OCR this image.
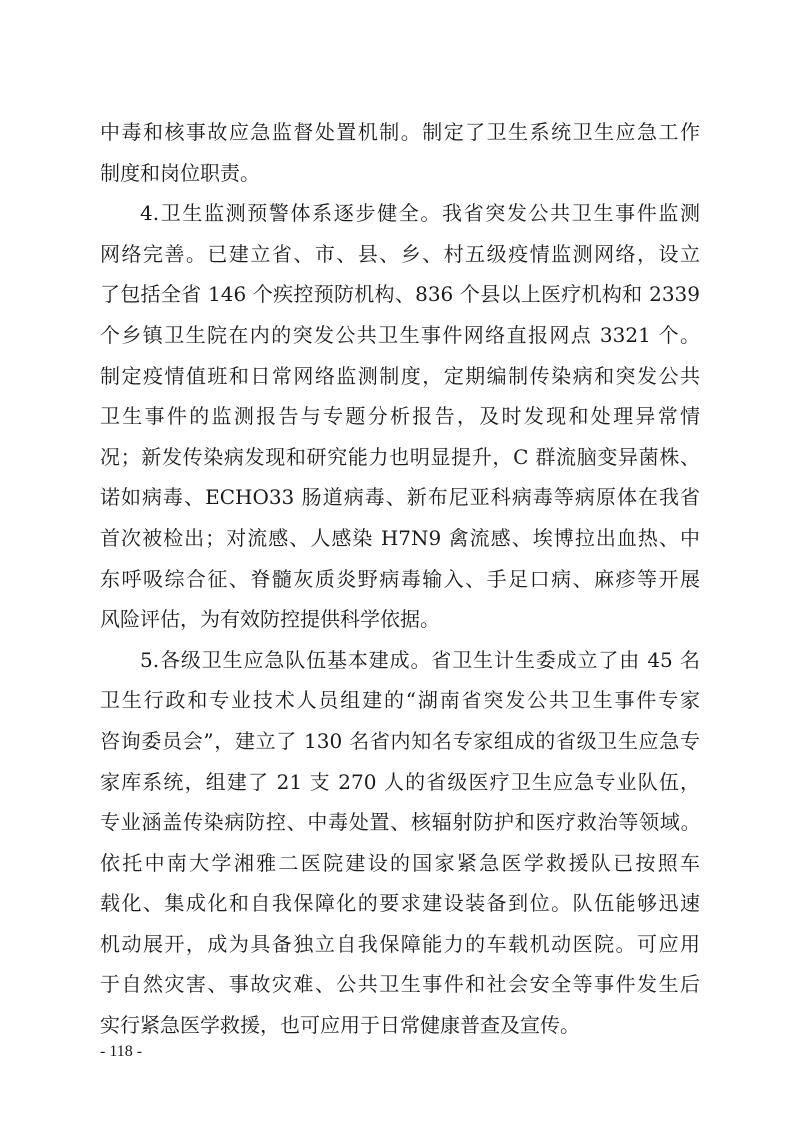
中毒和核事故应急监督处置机制。制定了卫生系统卫生应急工作
制度和岗位职责。
4.卫生监测预警体系逐步健全。我省突发公共卫生事件监测
网络完善。已建立省、市、县、乡、村五级疫情监测网络，设立
了包括全省 146 个疾控预防机构、836 个县以上医疗机构和 2339
个乡镇卫生院在内的突发公共卫生事件网络直报网点 3321 个。
制定疫情值班和日常网络监测制度，定期编制传染病和突发公共
卫生事件的监测报告与专题分析报告，及时发现和处理异常情
况；新发传染病发现和研究能力也明显提升，C 群流脑变异菌株、
诺如病毒、ECHO33 肠道病毒、新布尼亚科病毒等病原体在我省
首次被检出；对流感、人感染 H7N9 禽流感、埃博拉出血热、中
东呼吸综合征、脊髓灰质炎野病毒输入、手足口病、麻疹等开展
风险评估，为有效防控提供科学依据。
5.各级卫生应急队伍基本建成。省卫生计生委成立了由 45 名
卫生行政和专业技术人员组建的“湖南省突发公共卫生事件专家
咨询委员会”，建立了 130 名省内知名专家组成的省级卫生应急专
家库系统，组建了 21 支 270 人的省级医疗卫生应急专业队伍，
专业涵盖传染病防控、中毒处置、核辐射防护和医疗救治等领域。
依托中南大学湘雅二医院建设的国家紧急医学救援队已按照车
载化、集成化和自我保障化的要求建设装备到位。队伍能够迅速
机动展开，成为具备独立自我保障能力的车载机动医院。可应用
于自然灾害、事故灾难、公共卫生事件和社会安全等事件发生后
实行紧急医学救援，也可应用于日常健康普查及宣传。
- 118 -
